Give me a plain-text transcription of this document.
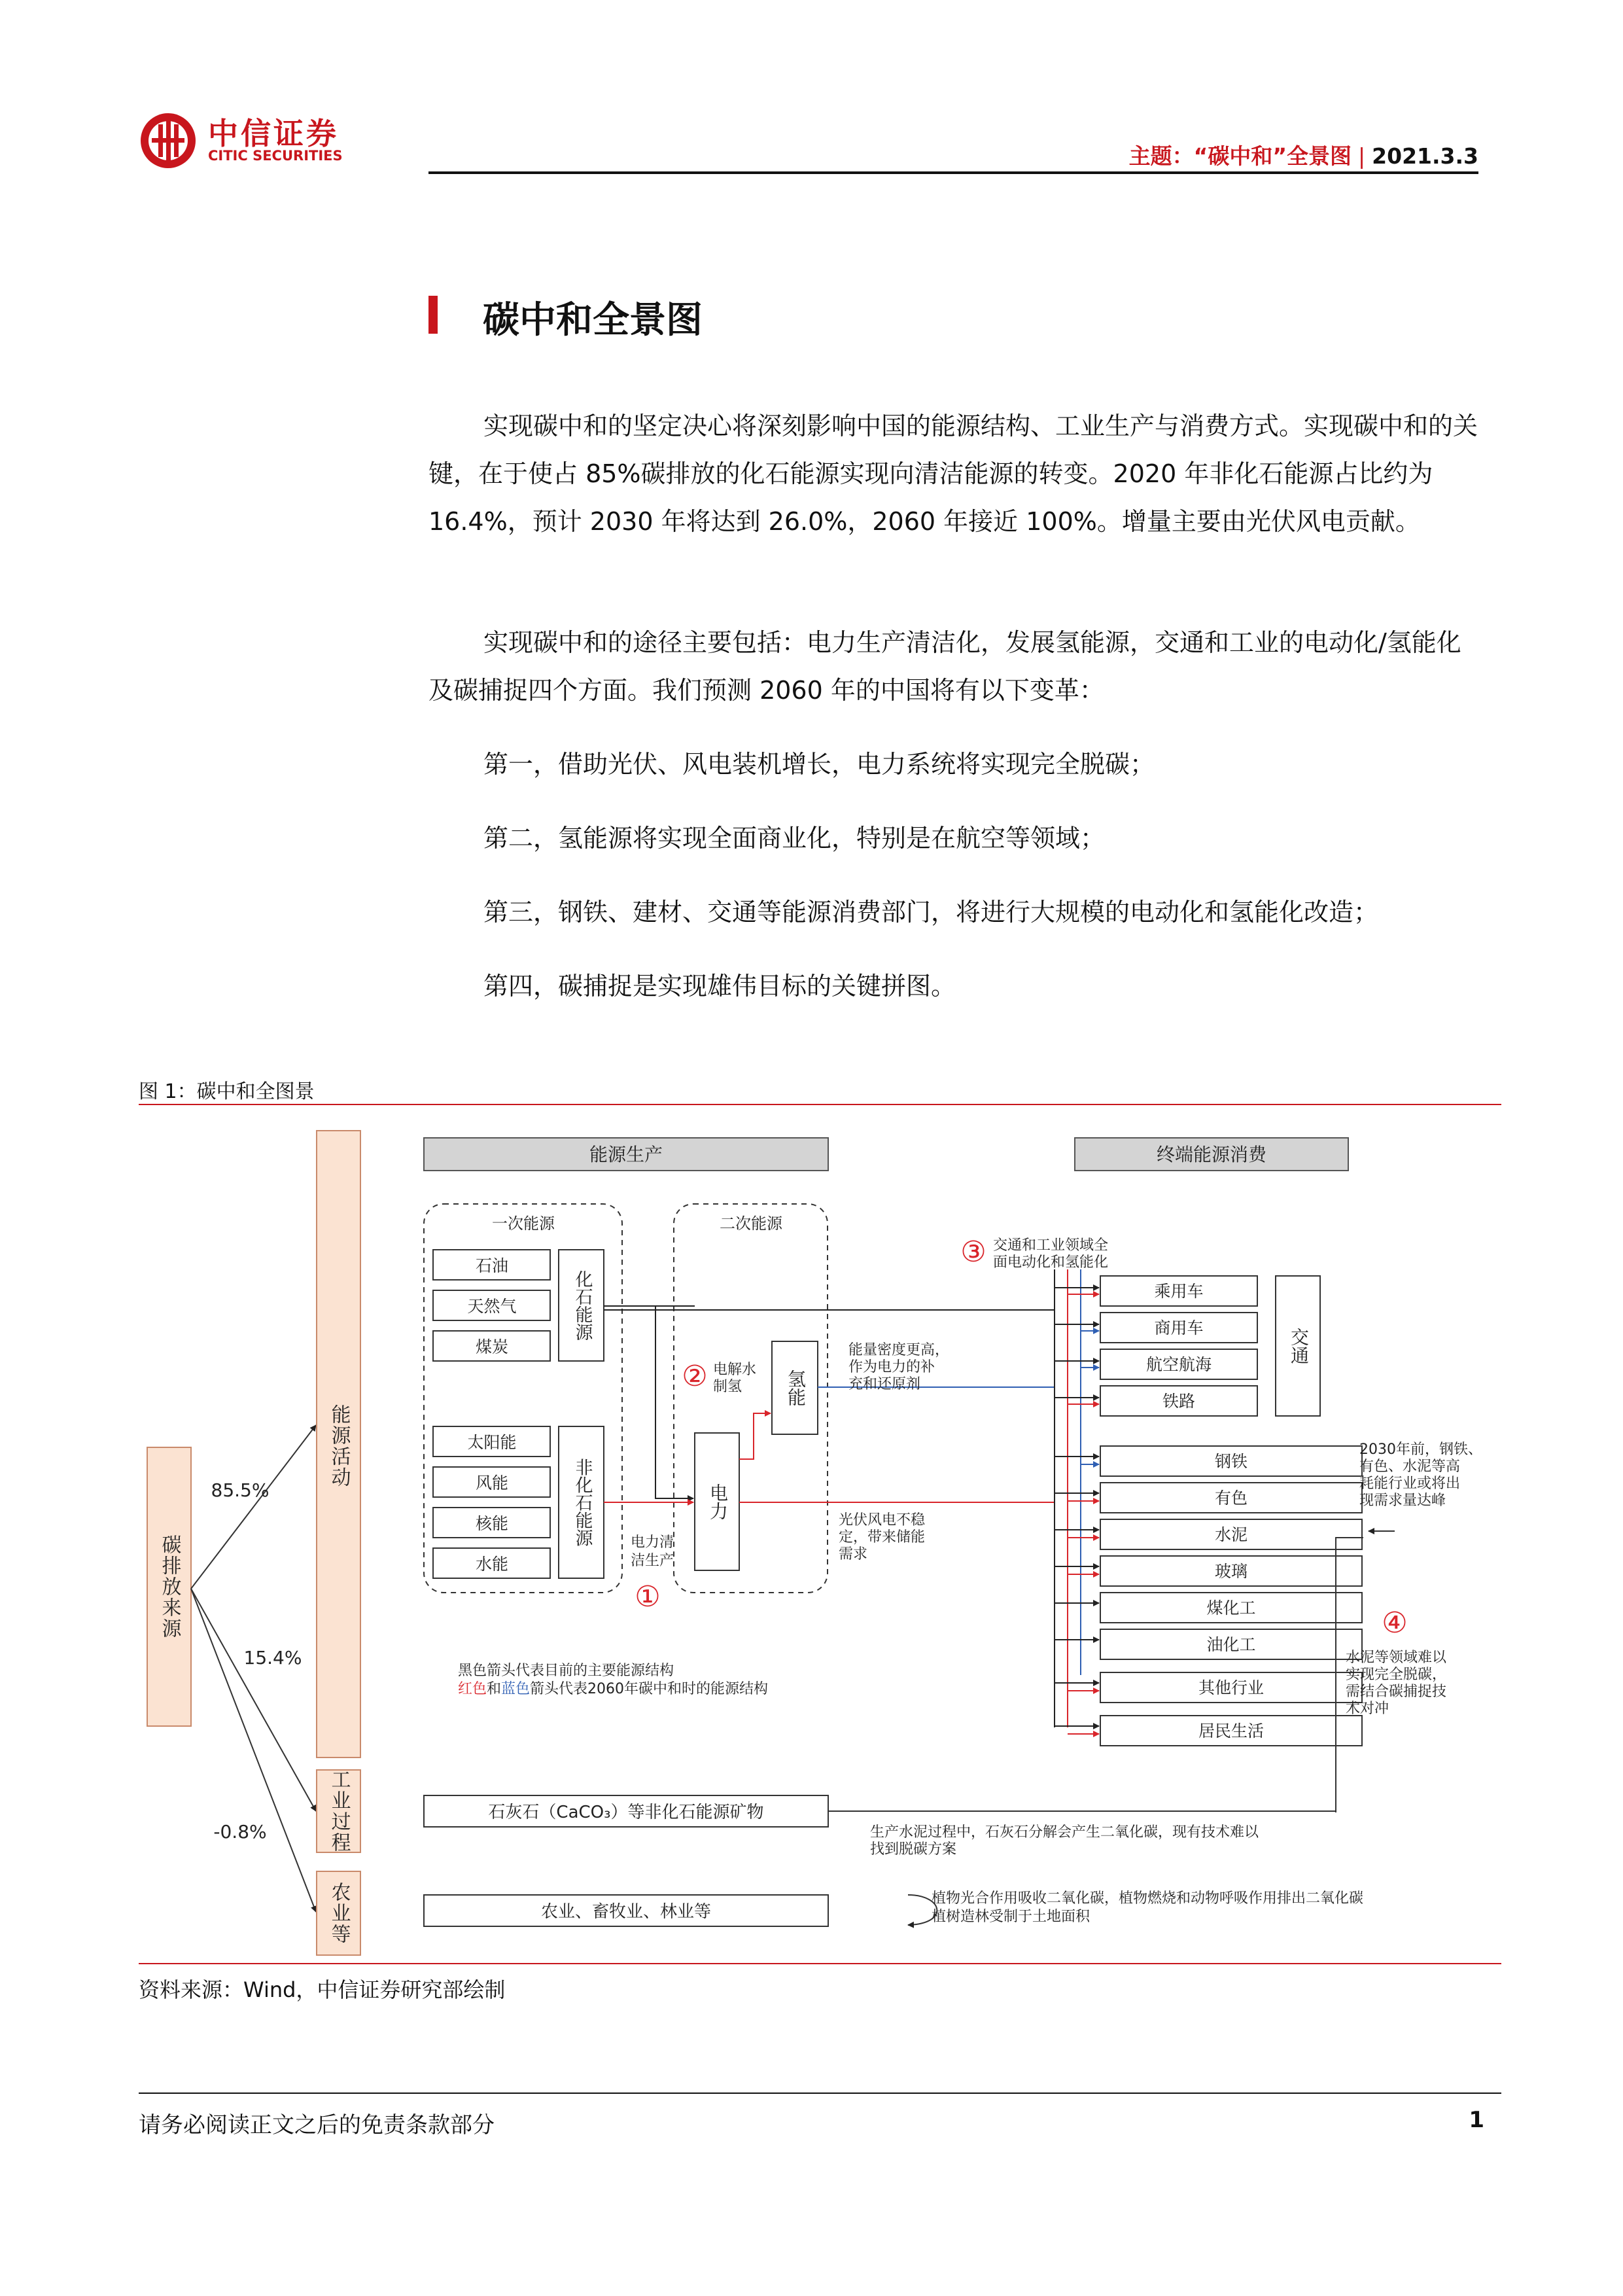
中信证券
CITIC SECURITIES	主题：“碳中和”全景图 | 2021.3.3
碳中和全景图

实现碳中和的坚定决心将深刻影响中国的能源结构、工业生产与消费方式。实现碳中和的关键，在于使占 85%碳排放的化石能源实现向清洁能源的转变。2020 年非化石能源占比约为 16.4%，预计 2030 年将达到 26.0%，2060 年接近 100%。增量主要由光伏风电贡献。

实现碳中和的途径主要包括：电力生产清洁化，发展氢能源，交通和工业的电动化/氢能化及碳捕捉四个方面。我们预测 2060 年的中国将有以下变革：

第一，借助光伏、风电装机增长，电力系统将实现完全脱碳；

第二，氢能源将实现全面商业化，特别是在航空等领域；

第三，钢铁、建材、交通等能源消费部门，将进行大规模的电动化和氢能化改造；

第四，碳捕捉是实现雄伟目标的关键拼图。

图 1：碳中和全图景
碳排放来源
85.5%
15.4%
-0.8%
能源活动
工业过程
农业等
能源生产	终端能源消费
一次能源	二次能源
石油
天然气
煤炭
化石能源
太阳能
风能
核能
水能
非化石能源	电力
氢能
①
电力清
洁生产
② 电解水
制氢
能量密度更高，
作为电力的补
充和还原剂
光伏风电不稳
定，带来储能
需求
③ 交通和工业领域全
面电动化和氢能化
乘用车
商用车
航空航海
铁路
交通
钢铁
有色
水泥
玻璃
煤化工
油化工
其他行业
居民生活
2030年前，钢铁、
有色、水泥等高
耗能行业或将出
现需求量达峰
④
水泥等领域难以
实现完全脱碳，
需结合碳捕捉技
术对冲
黑色箭头代表目前的主要能源结构
红色和蓝色箭头代表2060年碳中和时的能源结构
石灰石（CaCO₃）等非化石能源矿物
生产水泥过程中，石灰石分解会产生二氧化碳，现有技术难以
找到脱碳方案
农业、畜牧业、林业等
植物光合作用吸收二氧化碳，植物燃烧和动物呼吸作用排出二氧化碳
植树造林受制于土地面积
资料来源：Wind，中信证券研究部绘制
请务必阅读正文之后的免责条款部分	1
